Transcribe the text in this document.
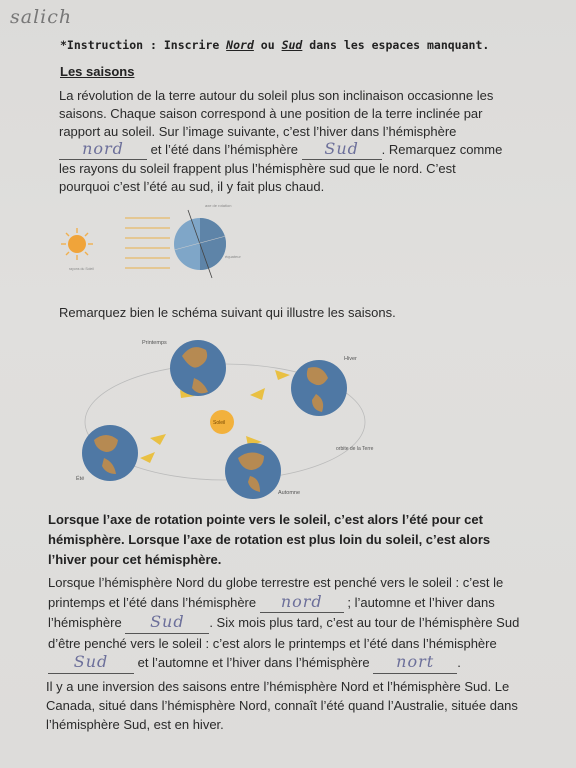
salich
*Instruction : Inscrire Nord ou Sud dans les espaces manquant.
Les saisons
La révolution de la terre autour du soleil plus son inclinaison occasionne les saisons. Chaque saison correspond à une position de la terre inclinée par rapport au soleil. Sur l’image suivante, c’est l’hiver dans l’hémisphère nord et l’été dans l’hémisphère Sud . Remarquez comme les rayons du soleil frappent plus l’hémisphère sud que le nord. C’est pourquoi c’est l’été au sud, il y fait plus chaud.
rayons du Soleil
axe de rotation
équateur
Remarquez bien le schéma suivant qui illustre les saisons.
Soleil
Printemps
Hiver
Été
Automne
orbite de la Terre
Lorsque l’axe de rotation pointe vers le soleil, c’est alors l’été pour cet hémisphère. Lorsque l’axe de rotation est plus loin du soleil, c’est alors l’hiver pour cet hémisphère.
Lorsque l’hémisphère Nord du globe terrestre est penché vers le soleil : c’est le printemps et l’été dans l’hémisphère nord ; l’automne et l’hiver dans l’hémisphère Sud . Six mois plus tard, c’est au tour de l’hémisphère Sud d’être penché vers le soleil : c’est alors le printemps et l’été dans l’hémisphère Sud et l’automne et l’hiver dans l’hémisphère nort .
Il y a une inversion des saisons entre l’hémisphère Nord et l’hémisphère Sud. Le Canada, situé dans l’hémisphère Nord, connaît l’été quand l’Australie, située dans l’hémisphère Sud, est en hiver.
